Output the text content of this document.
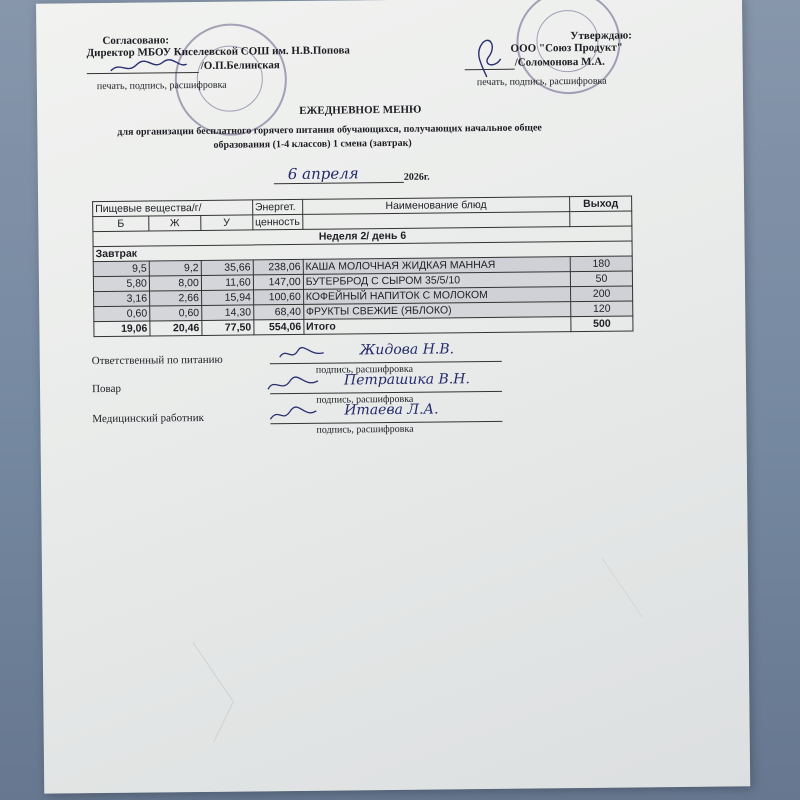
Согласовано:
Директор МБОУ Киселевской СОШ им. Н.В.Попова
/О.П.Белинская
печать, подпись, расшифровка
Утверждаю:
ООО "Союз Продукт"
/Соломонова М.А.
печать, подпись, расшифровка
ЕЖЕДНЕВНОЕ МЕНЮ
для организации бесплатного горячего питания обучающихся, получающих начальное общее
образования (1-4 классов) 1 смена (завтрак)
6 апреля	2026г.
Пищевые вещества/г/			Энергет.	Наименование блюд	Выход
Б	Ж	У	ценность		
Неделя 2/ день 6					
Завтрак					
9,5	9,2	35,66	238,06	КАША МОЛОЧНАЯ ЖИДКАЯ МАННАЯ	180
5,80	8,00	11,60	147,00	БУТЕРБРОД С СЫРОМ 35/5/10	50
3,16	2,66	15,94	100,60	КОФЕЙНЫЙ НАПИТОК С МОЛОКОМ	200
0,60	0,60	14,30	68,40	ФРУКТЫ СВЕЖИЕ (ЯБЛОКО)	120
19,06	20,46	77,50	554,06	Итого	500
Ответственный по питанию
Жидова Н.В.
подпись, расшифровка
Повар
Петрашика В.Н.
подпись, расшифровка
Медицинский работник
Итаева Л.А.
подпись, расшифровка
